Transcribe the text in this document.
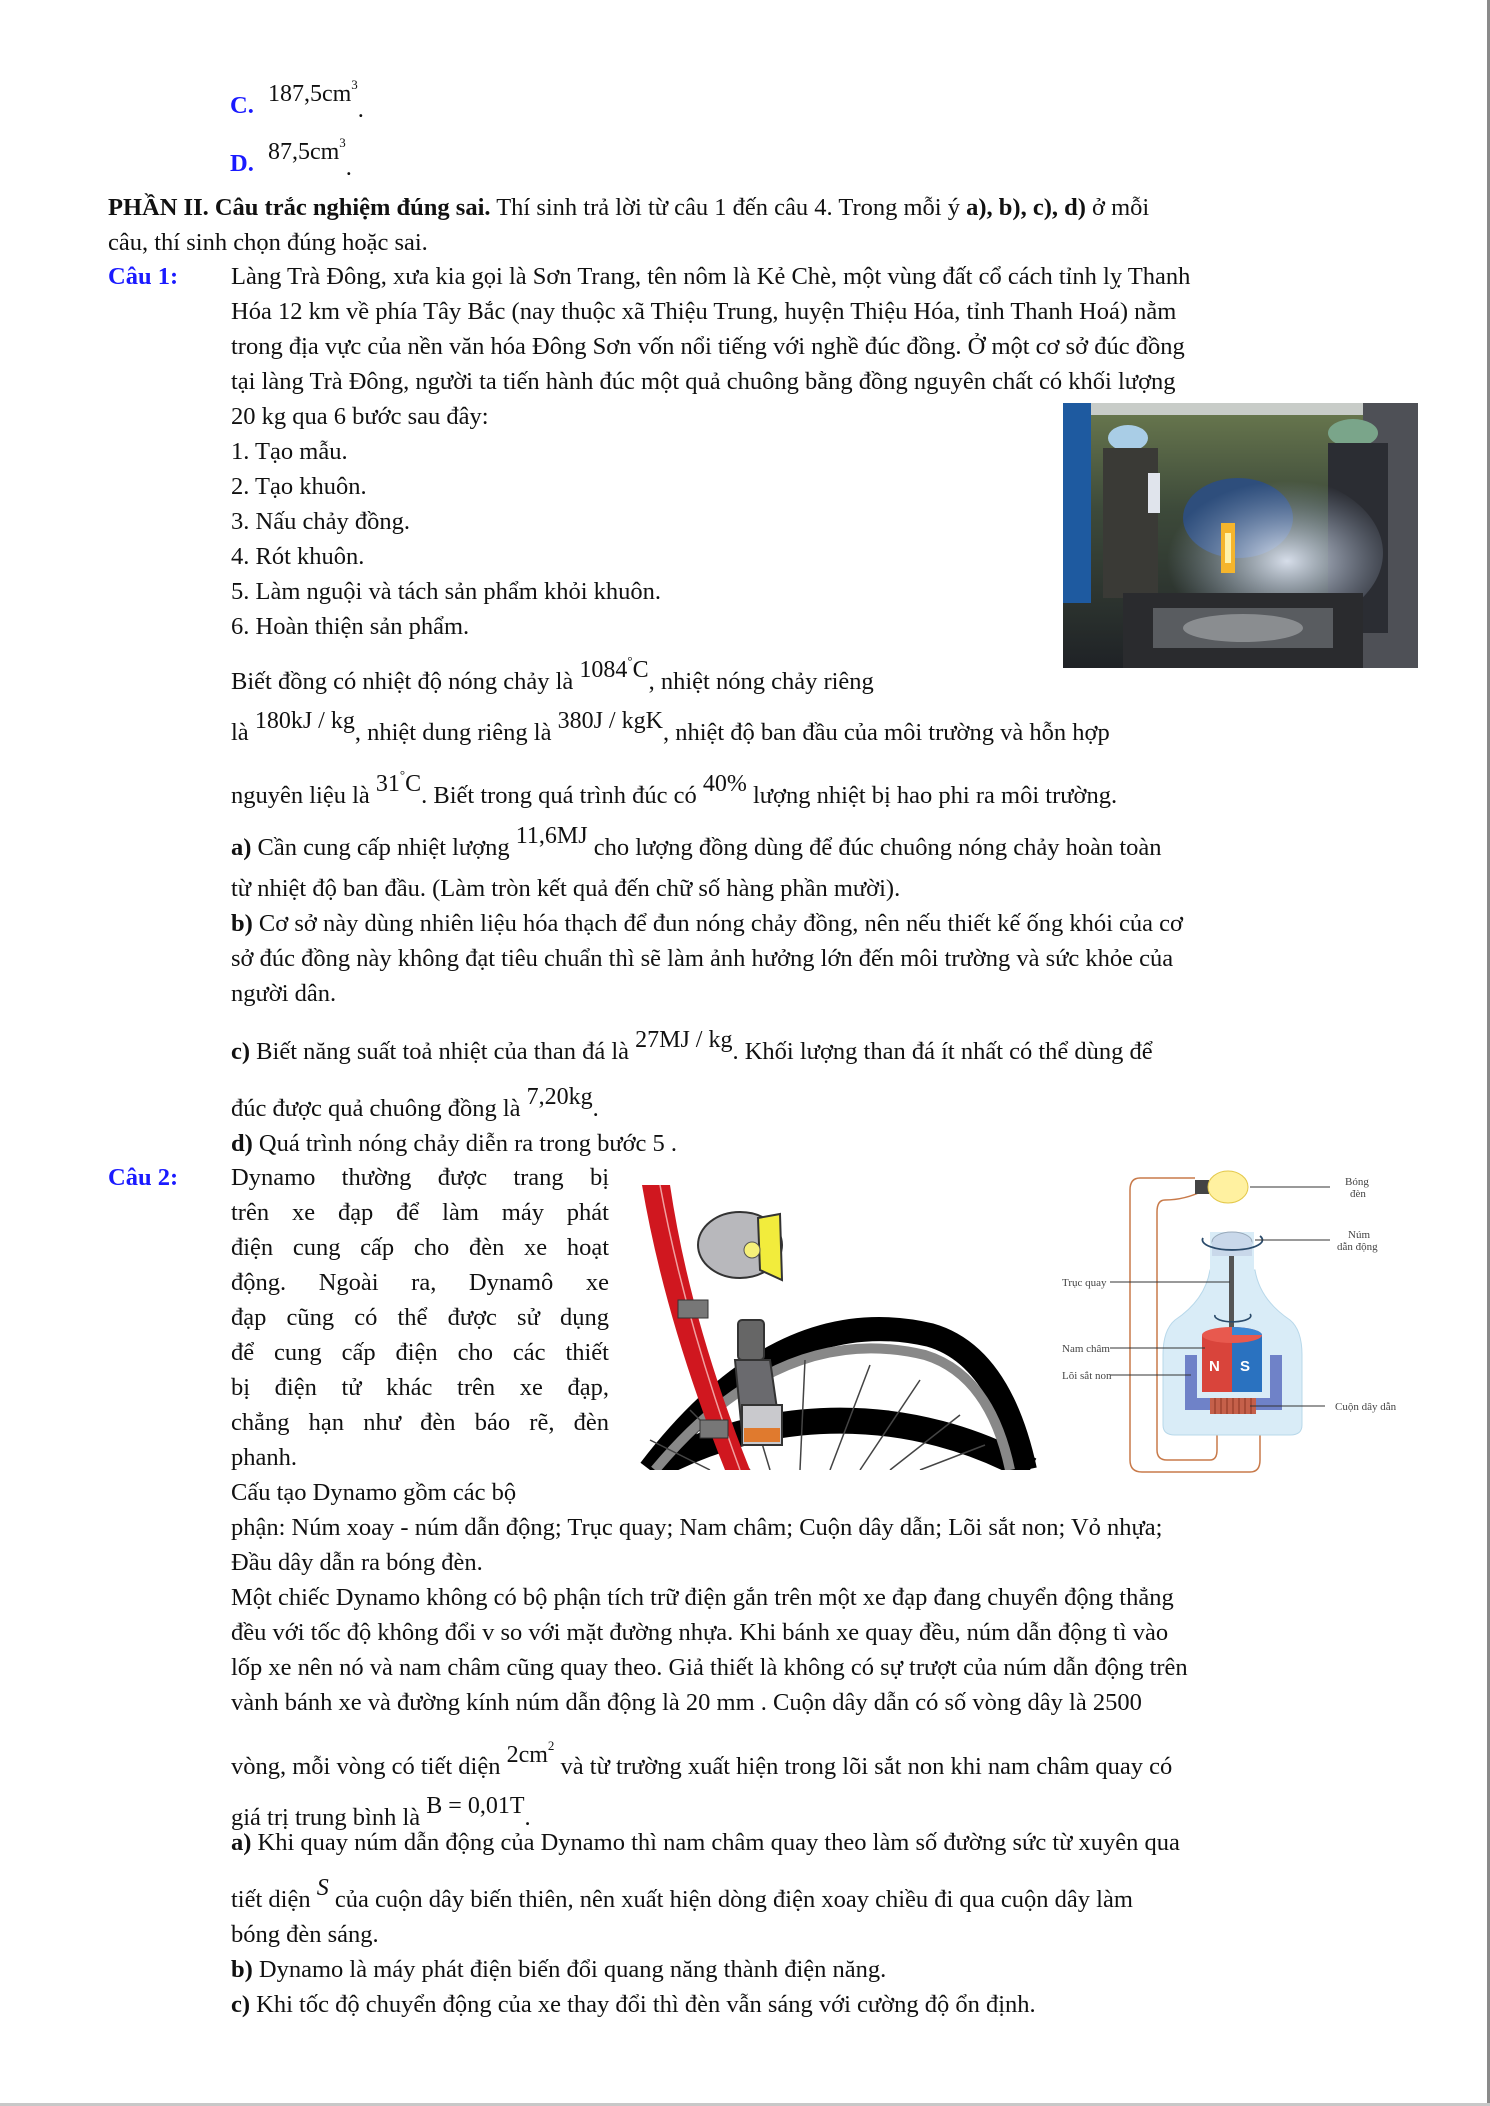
C. $187,5cm^3$.
D. $87,5cm^3$.
PHẦN II. Câu trắc nghiệm đúng sai. Thí sinh trả lời từ câu 1 đến câu 4. Trong mỗi ý a), b), c), d) ở mỗi
câu, thí sinh chọn đúng hoặc sai.
Câu 1: Làng Trà Đông, xưa kia gọi là Sơn Trang, tên nôm là Kẻ Chè, một vùng đất cổ cách tỉnh lỵ Thanh
Hóa 12 km về phía Tây Bắc (nay thuộc xã Thiệu Trung, huyện Thiệu Hóa, tỉnh Thanh Hoá) nằm
trong địa vực của nền văn hóa Đông Sơn vốn nổi tiếng với nghề đúc đồng. Ở một cơ sở đúc đồng
tại làng Trà Đông, người ta tiến hành đúc một quả chuông bằng đồng nguyên chất có khối lượng
20 kg qua 6 bước sau đây:
1. Tạo mẫu.
2. Tạo khuôn.
3. Nấu chảy đồng.
4. Rót khuôn.
5. Làm nguội và tách sản phẩm khỏi khuôn.
6. Hoàn thiện sản phẩm.
Biết đồng có nhiệt độ nóng chảy là 1084°C, nhiệt nóng chảy riêng
là 180kJ / kg, nhiệt dung riêng là 380J / kgK, nhiệt độ ban đầu của môi trường và hỗn hợp
nguyên liệu là 31°C. Biết trong quá trình đúc có 40% lượng nhiệt bị hao phi ra môi trường.
a) Cần cung cấp nhiệt lượng 11,6MJ cho lượng đồng dùng để đúc chuông nóng chảy hoàn toàn
từ nhiệt độ ban đầu. (Làm tròn kết quả đến chữ số hàng phần mười).
b) Cơ sở này dùng nhiên liệu hóa thạch để đun nóng chảy đồng, nên nếu thiết kế ống khói của cơ
sở đúc đồng này không đạt tiêu chuẩn thì sẽ làm ảnh hưởng lớn đến môi trường và sức khỏe của
người dân.
c) Biết năng suất toả nhiệt của than đá là 27MJ / kg. Khối lượng than đá ít nhất có thể dùng để
đúc được quả chuông đồng là 7,20kg.
d) Quá trình nóng chảy diễn ra trong bước 5 .
Câu 2: Dynamo thường được trang bị
trên xe đạp để làm máy phát
điện cung cấp cho đèn xe hoạt
động. Ngoài ra, Dynamô xe
đạp cũng có thể được sử dụng
để cung cấp điện cho các thiết
bị điện tử khác trên xe đạp,
chẳng hạn như đèn báo rẽ, đèn
phanh.
N S
Bóng
đèn
Núm
dẫn động
Trục quay
Nam châm
Lõi sắt non
Cuộn dây dẫn
Cấu tạo Dynamo gồm các bộ
phận: Núm xoay - núm dẫn động; Trục quay; Nam châm; Cuộn dây dẫn; Lõi sắt non; Vỏ nhựa;
Đầu dây dẫn ra bóng đèn.
Một chiếc Dynamo không có bộ phận tích trữ điện gắn trên một xe đạp đang chuyển động thẳng
đều với tốc độ không đổi v so với mặt đường nhựa. Khi bánh xe quay đều, núm dẫn động tì vào
lốp xe nên nó và nam châm cũng quay theo. Giả thiết là không có sự trượt của núm dẫn động trên
vành bánh xe và đường kính núm dẫn động là 20 mm . Cuộn dây dẫn có số vòng dây là 2500
vòng, mỗi vòng có tiết diện $2cm^2$ và từ trường xuất hiện trong lõi sắt non khi nam châm quay có
giá trị trung bình là B = 0,01T.
a) Khi quay núm dẫn động của Dynamo thì nam châm quay theo làm số đường sức từ xuyên qua
tiết diện S của cuộn dây biến thiên, nên xuất hiện dòng điện xoay chiều đi qua cuộn dây làm
bóng đèn sáng.
b) Dynamo là máy phát điện biến đổi quang năng thành điện năng.
c) Khi tốc độ chuyển động của xe thay đổi thì đèn vẫn sáng với cường độ ổn định.
